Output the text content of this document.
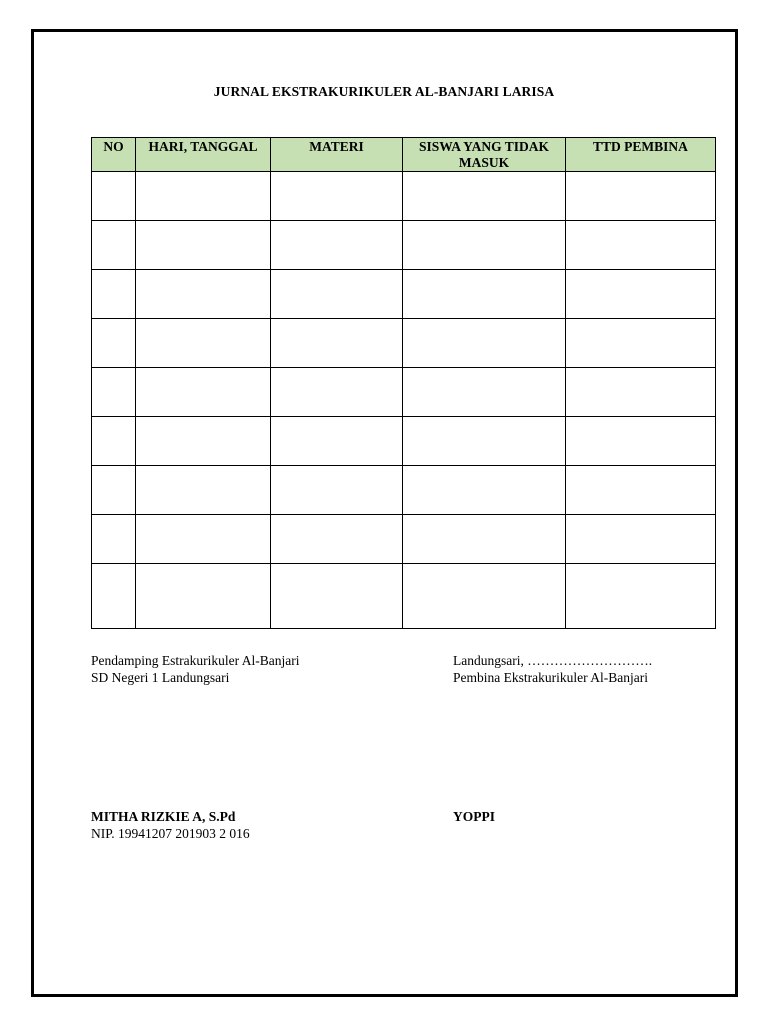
JURNAL EKSTRAKURIKULER AL-BANJARI LARISA
NO	HARI, TANGGAL	MATERI	SISWA YANG TIDAK MASUK	TTD PEMBINA

Pendamping Estrakurikuler Al-Banjari
SD Negeri 1 Landungsari
Landungsari, ……………………….
Pembina Ekstrakurikuler Al-Banjari
MITHA RIZKIE A, S.Pd
NIP. 19941207 201903 2 016
YOPPI
